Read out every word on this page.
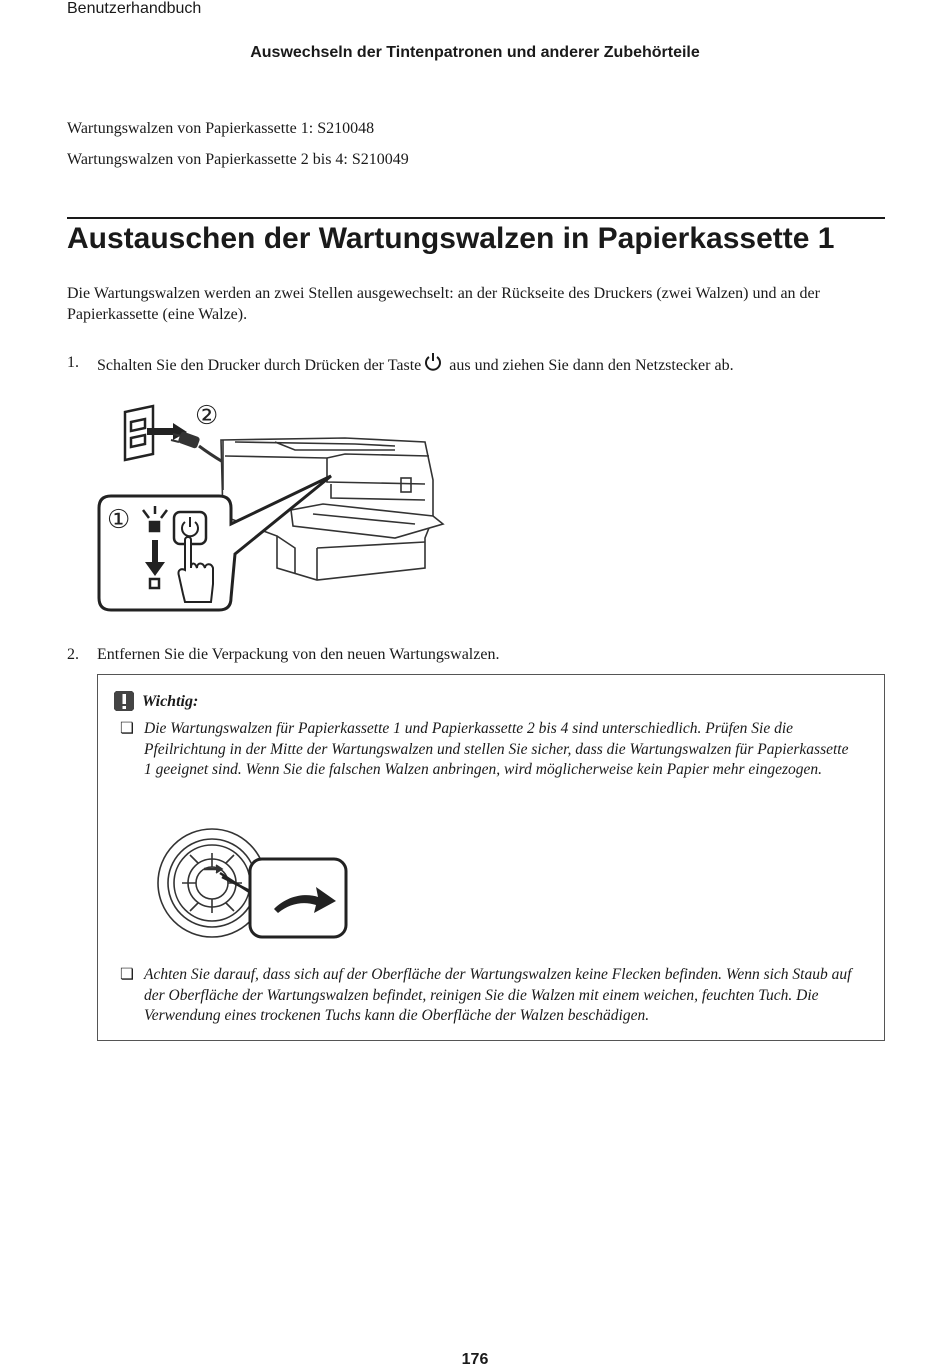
Benutzerhandbuch
Auswechseln der Tintenpatronen und anderer Zubehörteile
Wartungswalzen von Papierkassette 1: S210048
Wartungswalzen von Papierkassette 2 bis 4: S210049
Austauschen der Wartungswalzen in Papierkassette 1
Die Wartungswalzen werden an zwei Stellen ausgewechselt: an der Rückseite des Druckers (zwei Walzen) und an der Papierkassette (eine Walze).
1. Schalten Sie den Drucker durch Drücken der Taste aus und ziehen Sie dann den Netzstecker ab.
②
①
2. Entfernen Sie die Verpackung von den neuen Wartungswalzen.
Wichtig:
❏ Die Wartungswalzen für Papierkassette 1 und Papierkassette 2 bis 4 sind unterschiedlich. Prüfen Sie die Pfeilrichtung in der Mitte der Wartungswalzen und stellen Sie sicher, dass die Wartungswalzen für Papierkassette 1 geeignet sind. Wenn Sie die falschen Walzen anbringen, wird möglicherweise kein Papier mehr eingezogen.
❏ Achten Sie darauf, dass sich auf der Oberfläche der Wartungswalzen keine Flecken befinden. Wenn sich Staub auf der Oberfläche der Wartungswalzen befindet, reinigen Sie die Walzen mit einem weichen, feuchten Tuch. Die Verwendung eines trockenen Tuchs kann die Oberfläche der Walzen beschädigen.
176
